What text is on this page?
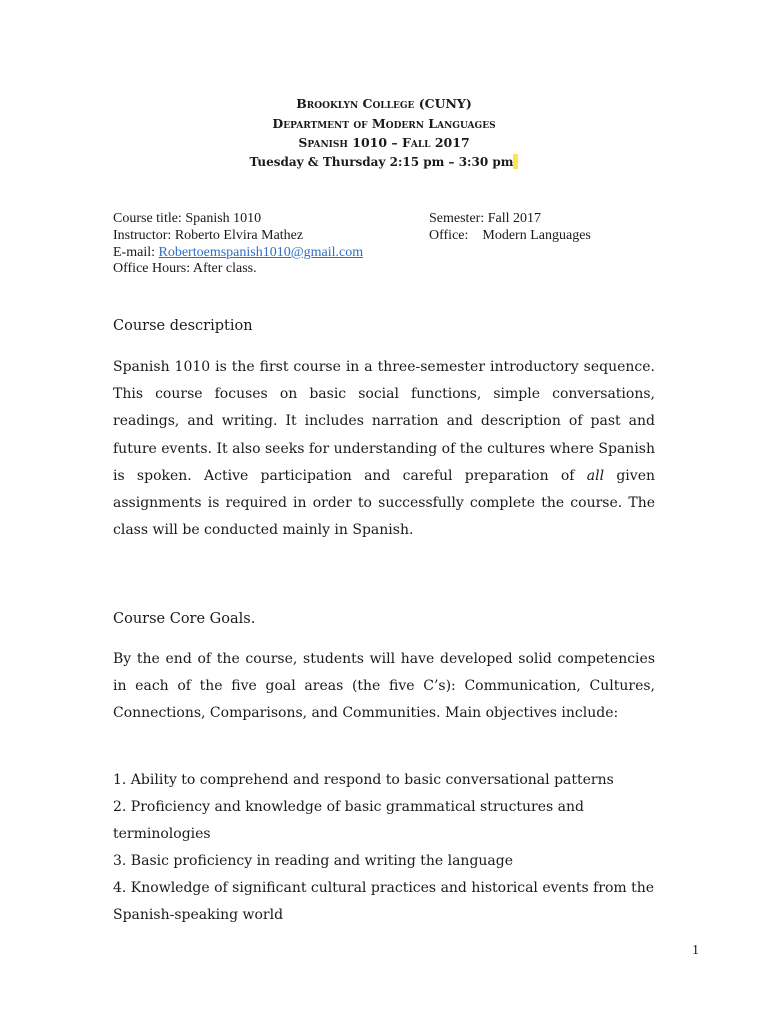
Brooklyn College (CUNY)
Department of Modern Languages
Spanish 1010 – Fall 2017
Tuesday & Thursday 2:15 pm – 3:30 pm
Course title: Spanish 1010
Instructor: Roberto Elvira Mathez
E-mail: Robertoemspanish1010@gmail.com
Office Hours: After class.
Semester: Fall 2017
Office:    Modern Languages
Course description
Spanish 1010 is the first course in a three-semester introductory sequence. This course focuses on basic social functions, simple conversations, readings, and writing. It includes narration and description of past and future events. It also seeks for understanding of the cultures where Spanish is spoken. Active participation and careful preparation of all given assignments is required in order to successfully complete the course. The class will be conducted mainly in Spanish.
Course Core Goals.
By the end of the course, students will have developed solid competencies in each of the five goal areas (the five C’s): Communication, Cultures, Connections, Comparisons, and Communities. Main objectives include:
1. Ability to comprehend and respond to basic conversational patterns
2. Proficiency and knowledge of basic grammatical structures and terminologies
3. Basic proficiency in reading and writing the language
4. Knowledge of significant cultural practices and historical events from the Spanish-speaking world
1
